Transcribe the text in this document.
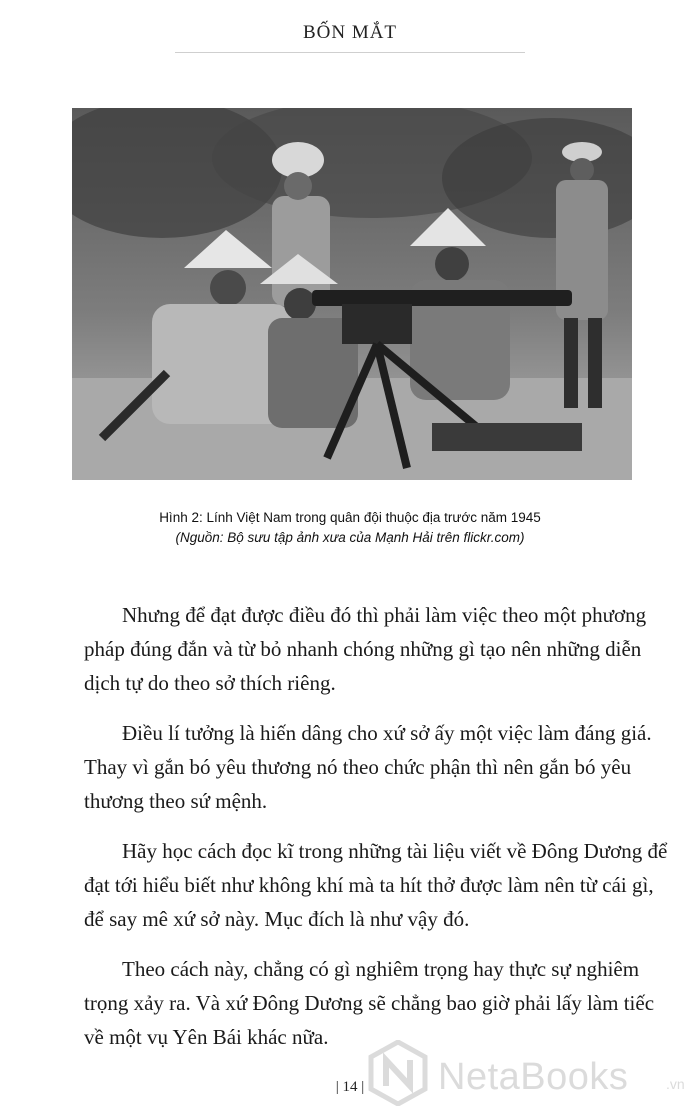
BỐN MẮT
Hình 2: Lính Việt Nam trong quân đội thuộc địa trước năm 1945
(Nguồn: Bộ sưu tập ảnh xưa của Mạnh Hải trên flickr.com)

Nhưng để đạt được điều đó thì phải làm việc theo một phương pháp đúng đắn và từ bỏ nhanh chóng những gì tạo nên những diễn dịch tự do theo sở thích riêng.

Điều lí tưởng là hiến dâng cho xứ sở ấy một việc làm đáng giá. Thay vì gắn bó yêu thương nó theo chức phận thì nên gắn bó yêu thương theo sứ mệnh.

Hãy học cách đọc kĩ trong những tài liệu viết về Đông Dương để đạt tới hiểu biết như không khí mà ta hít thở được làm nên từ cái gì, để say mê xứ sở này. Mục đích là như vậy đó.

Theo cách này, chẳng có gì nghiêm trọng hay thực sự nghiêm trọng xảy ra. Và xứ Đông Dương sẽ chẳng bao giờ phải lấy làm tiếc về một vụ Yên Bái khác nữa.

| 14 |	NetaBooks	.vn
